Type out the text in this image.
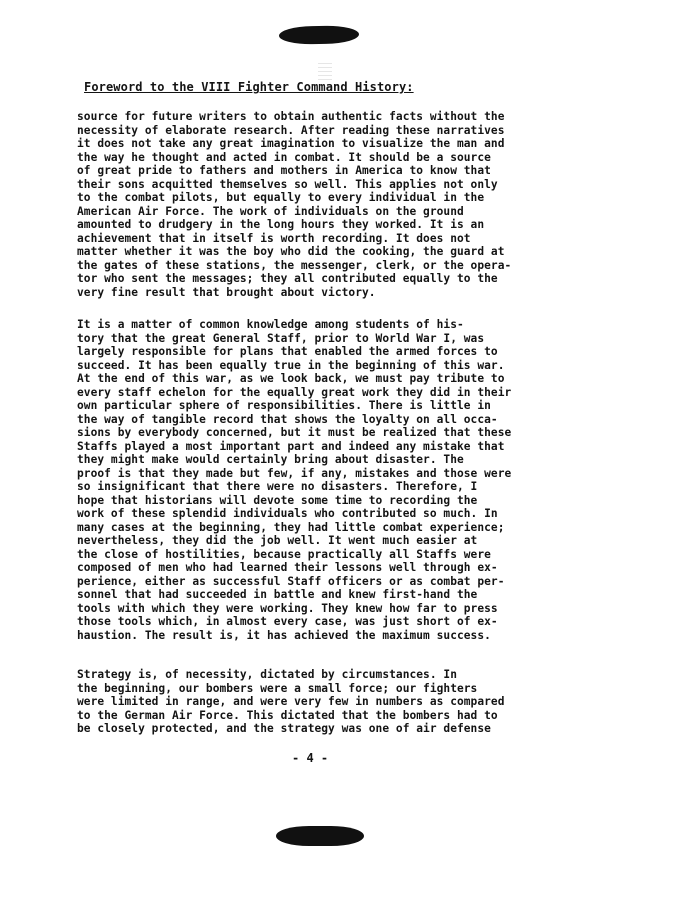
Foreword to the VIII Fighter Command History:

source for future writers to obtain authentic facts without the
necessity of elaborate research. After reading these narratives
it does not take any great imagination to visualize the man and
the way he thought and acted in combat. It should be a source
of great pride to fathers and mothers in America to know that
their sons acquitted themselves so well. This applies not only
to the combat pilots, but equally to every individual in the
American Air Force. The work of individuals on the ground
amounted to drudgery in the long hours they worked. It is an
achievement that in itself is worth recording. It does not
matter whether it was the boy who did the cooking, the guard at
the gates of these stations, the messenger, clerk, or the opera-
tor who sent the messages; they all contributed equally to the
very fine result that brought about victory.

It is a matter of common knowledge among students of his-
tory that the great General Staff, prior to World War I, was
largely responsible for plans that enabled the armed forces to
succeed. It has been equally true in the beginning of this war.
At the end of this war, as we look back, we must pay tribute to
every staff echelon for the equally great work they did in their
own particular sphere of responsibilities. There is little in
the way of tangible record that shows the loyalty on all occa-
sions by everybody concerned, but it must be realized that these
Staffs played a most important part and indeed any mistake that
they might make would certainly bring about disaster. The
proof is that they made but few, if any, mistakes and those were
so insignificant that there were no disasters. Therefore, I
hope that historians will devote some time to recording the
work of these splendid individuals who contributed so much. In
many cases at the beginning, they had little combat experience;
nevertheless, they did the job well. It went much easier at
the close of hostilities, because practically all Staffs were
composed of men who had learned their lessons well through ex-
perience, either as successful Staff officers or as combat per-
sonnel that had succeeded in battle and knew first-hand the
tools with which they were working. They knew how far to press
those tools which, in almost every case, was just short of ex-
haustion. The result is, it has achieved the maximum success.

Strategy is, of necessity, dictated by circumstances. In
the beginning, our bombers were a small force; our fighters
were limited in range, and were very few in numbers as compared
to the German Air Force. This dictated that the bombers had to
be closely protected, and the strategy was one of air defense

- 4 -
